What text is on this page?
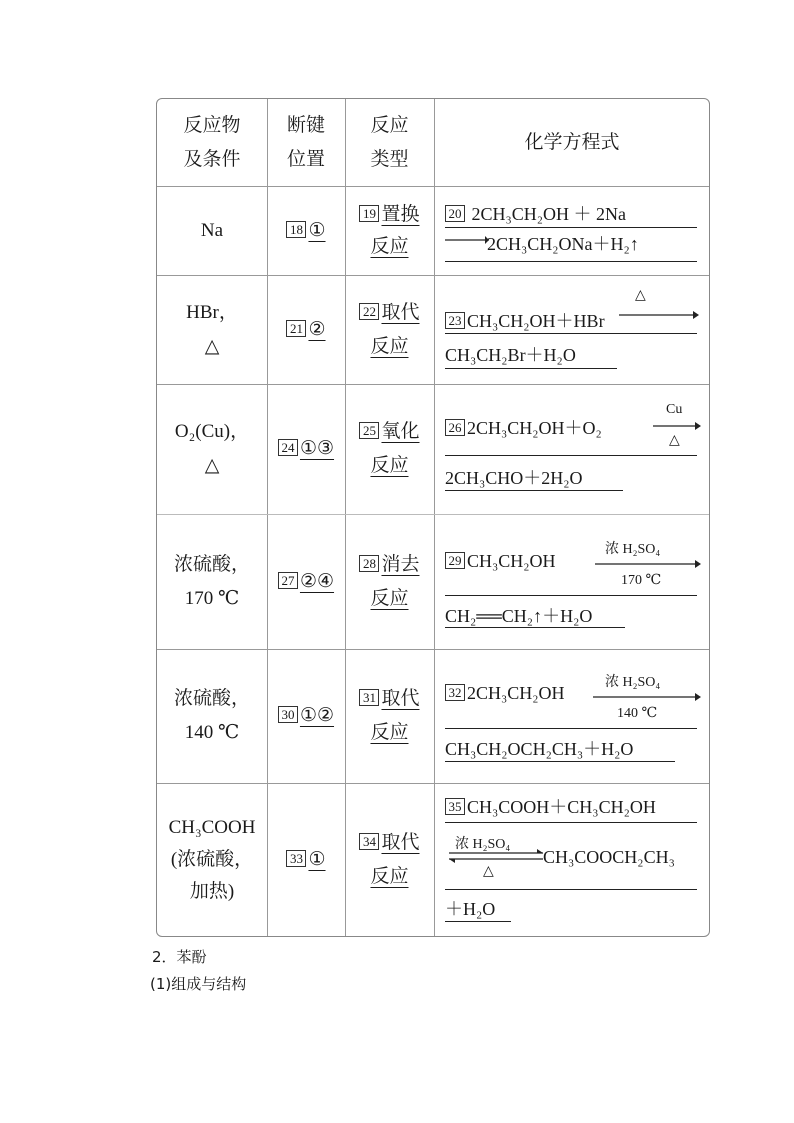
反应物
及条件
断键
位置
反应
类型
化学方程式
Na	18 ①
19 置换
反应
20 2CH₃CH₂OH ＋ 2Na
2CH₃CH₂ONa＋H₂↑
HBr，
△
21 ②
22 取代
反应
23 CH₃CH₂OH＋HBr
△
CH₃CH₂Br＋H₂O
O₂(Cu)，
△
24 ①③
25 氧化
反应
Cu
26 2CH₃CH₂OH＋O₂
△
2CH₃CHO＋2H₂O
浓硫酸，
170 ℃
27 ②④
28 消去
反应
浓 H₂SO₄
29 CH₃CH₂OH
170 ℃
CH₂══CH₂↑＋H₂O
浓硫酸，
140 ℃
30 ①②
31 取代
反应
浓 H₂SO₄
32 2CH₃CH₂OH
140 ℃
CH₃CH₂OCH₂CH₃＋H₂O
CH₃COOH
(浓硫酸，
加热)
33 ①
34 取代
反应
35 CH₃COOH＋CH₃CH₂OH
浓 H₂SO₄
△
CH₃COOCH₂CH₃
＋H₂O
2．苯酚
(1)组成与结构
